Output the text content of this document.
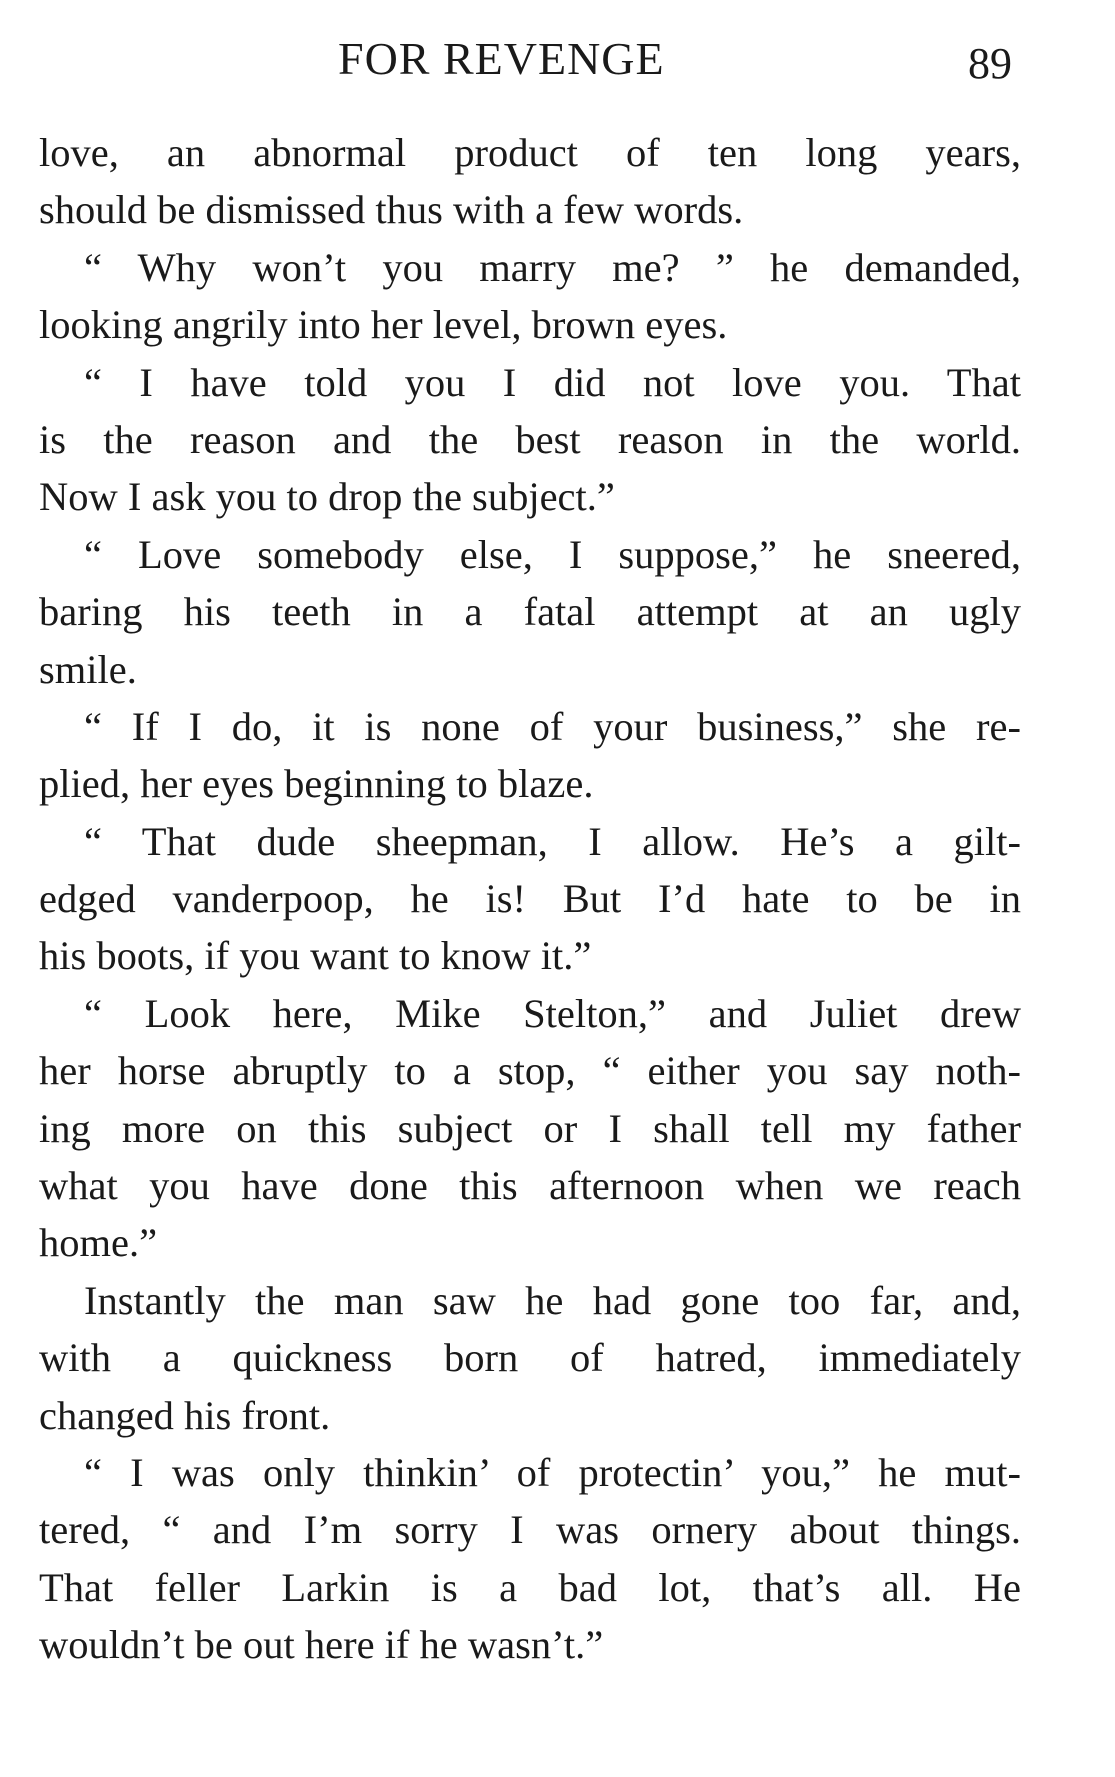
FOR REVENGE	89
love, an abnormal product of ten long years,
should be dismissed thus with a few words.
“ Why won’t you marry me? ” he demanded,
looking angrily into her level, brown eyes.
“ I have told you I did not love you. That
is the reason and the best reason in the world.
Now I ask you to drop the subject.”
“ Love somebody else, I suppose,” he sneered,
baring his teeth in a fatal attempt at an ugly
smile.
“ If I do, it is none of your business,” she re-
plied, her eyes beginning to blaze.
“ That dude sheepman, I allow. He’s a gilt-
edged vanderpoop, he is! But I’d hate to be in
his boots, if you want to know it.”
“ Look here, Mike Stelton,” and Juliet drew
her horse abruptly to a stop, “ either you say noth-
ing more on this subject or I shall tell my father
what you have done this afternoon when we reach
home.”
Instantly the man saw he had gone too far, and,
with a quickness born of hatred, immediately
changed his front.
“ I was only thinkin’ of protectin’ you,” he mut-
tered, “ and I’m sorry I was ornery about things.
That feller Larkin is a bad lot, that’s all. He
wouldn’t be out here if he wasn’t.”
